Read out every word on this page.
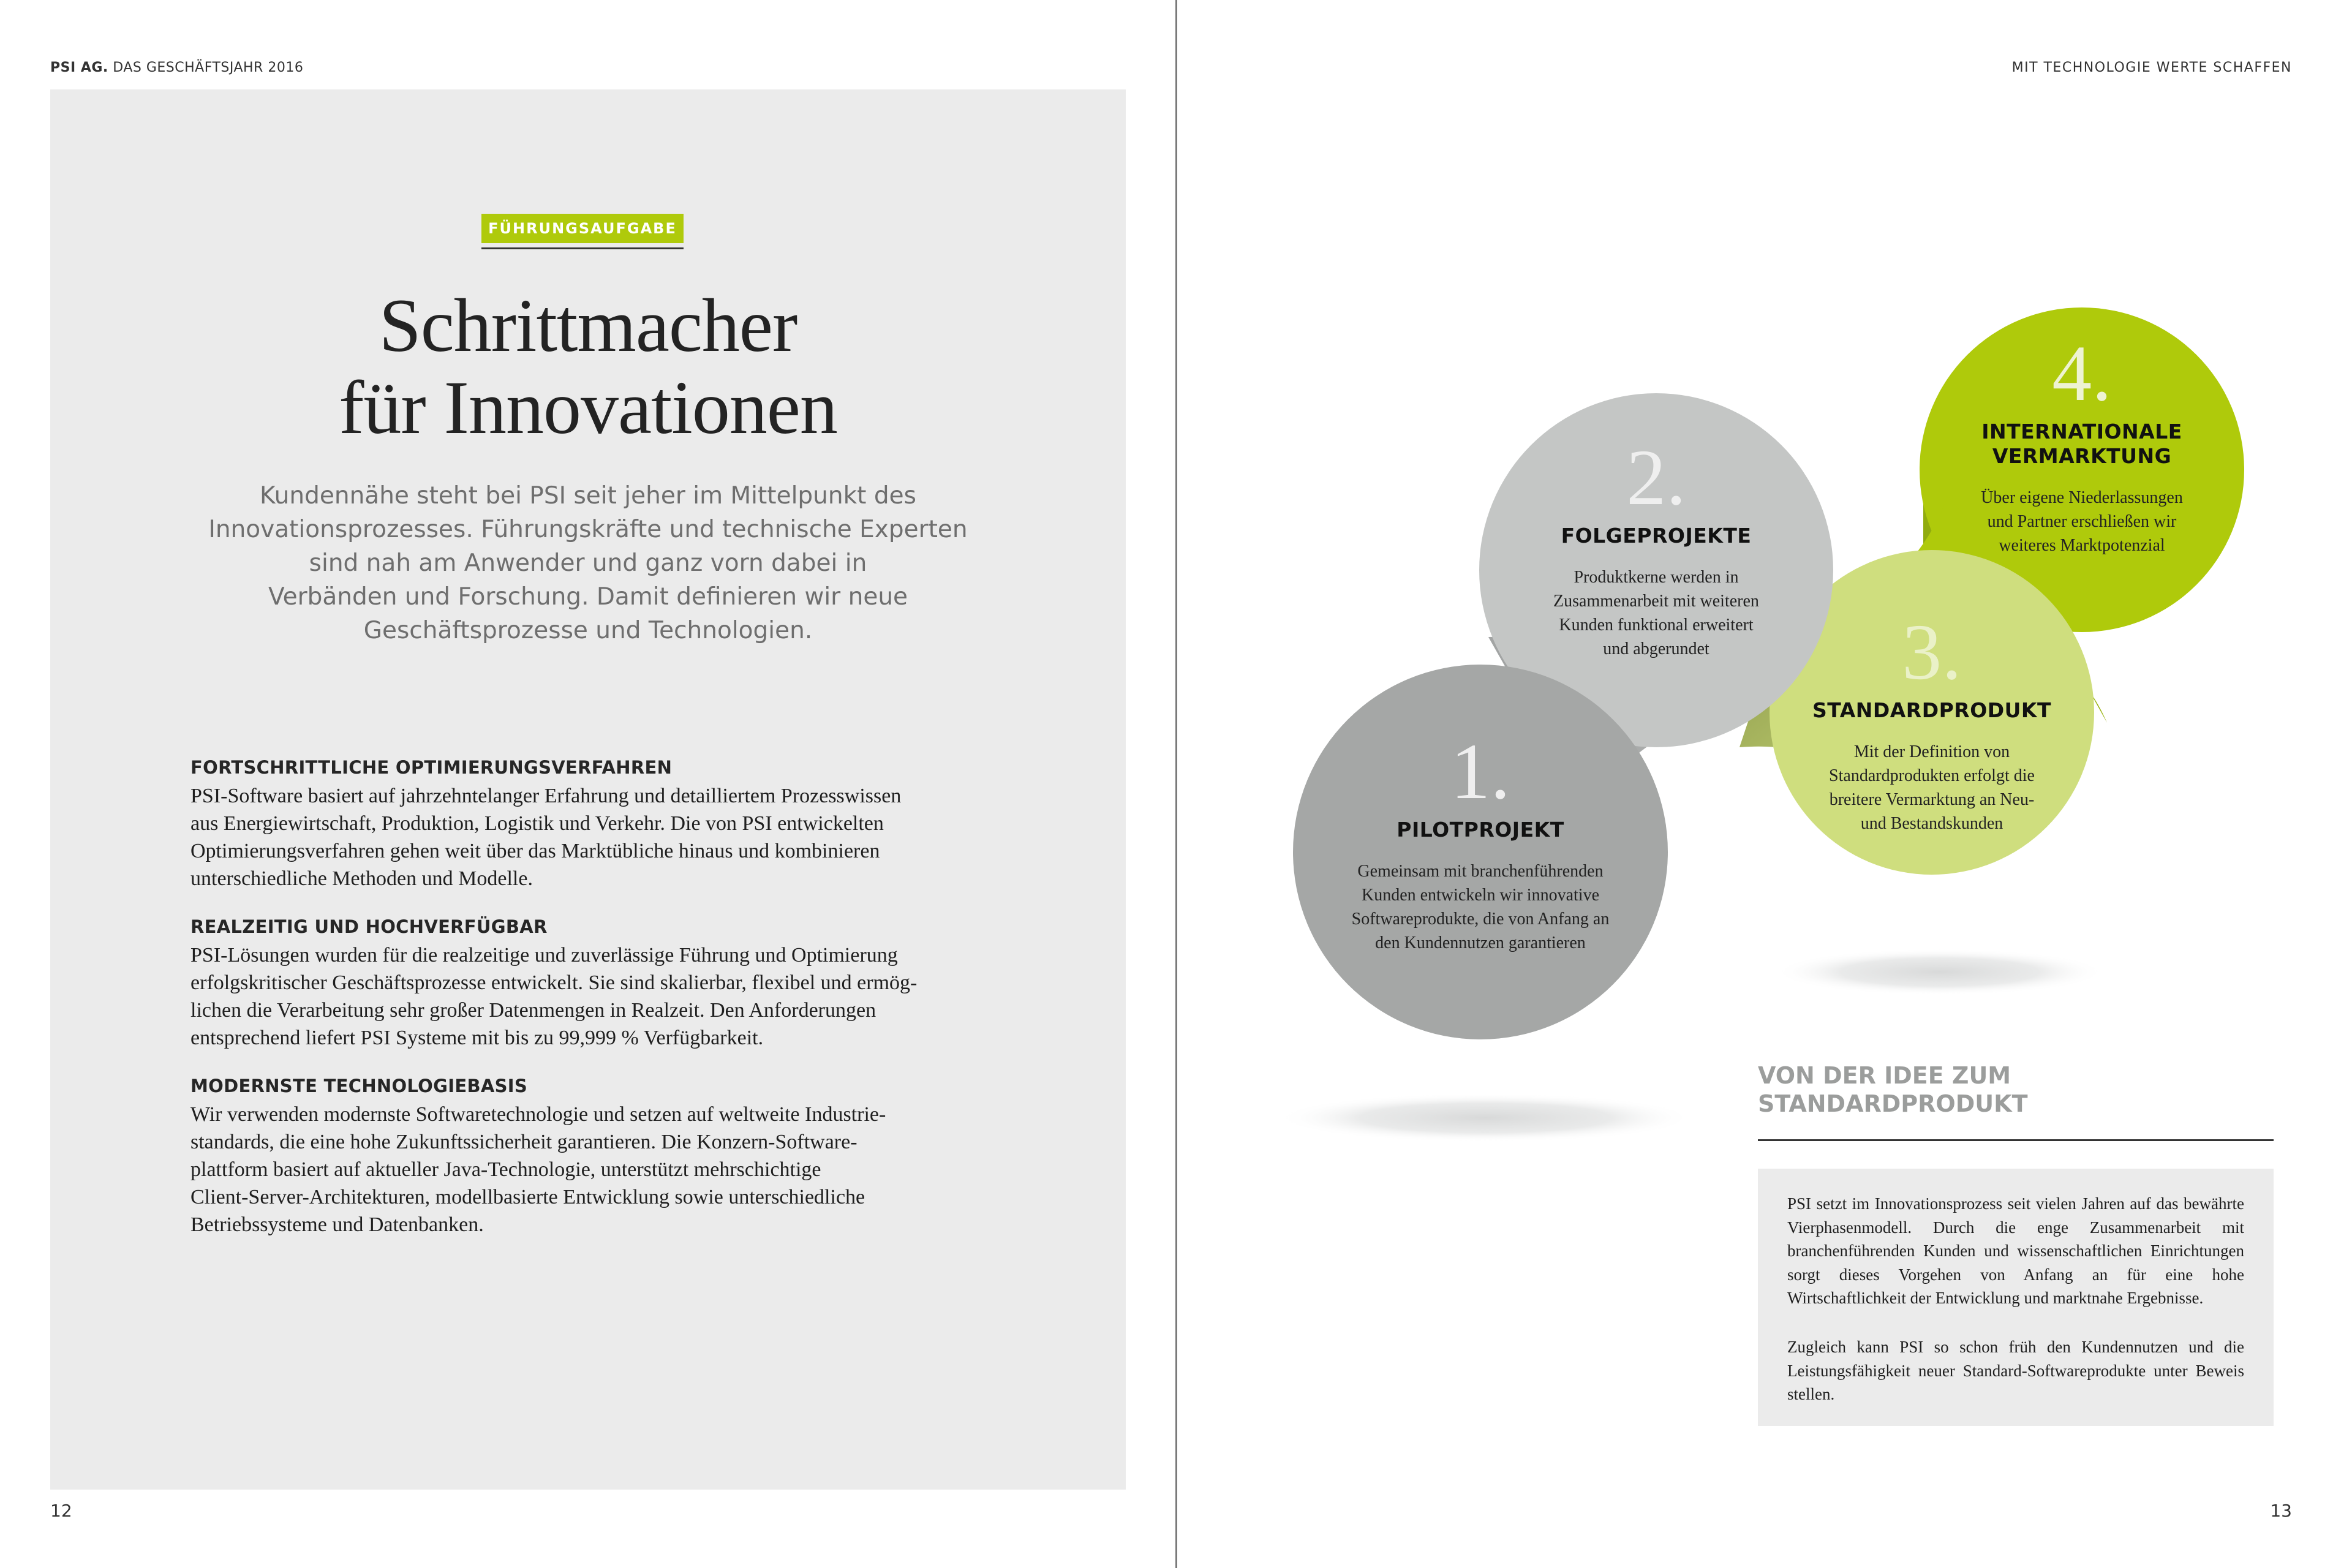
PSI AG. DAS GESCHÄFTSJAHR 2016	MIT TECHNOLOGIE WERTE SCHAFFEN
FÜHRUNGSAUFGABE
Schrittmacher
für Innovationen
Kundennähe steht bei PSI seit jeher im Mittelpunkt des
Innovationsprozesses. Führungskräfte und technische Experten
sind nah am Anwender und ganz vorn dabei in
Verbänden und Forschung. Damit definieren wir neue
Geschäftsprozesse und Technologien.
FORTSCHRITTLICHE OPTIMIERUNGSVERFAHREN
PSI-Software basiert auf jahrzehntelanger Erfahrung und detailliertem Prozesswissen
aus Energiewirtschaft, Produktion, Logistik und Verkehr. Die von PSI entwickelten
Optimierungsverfahren gehen weit über das Marktübliche hinaus und kombinieren
unterschiedliche Methoden und Modelle.
REALZEITIG UND HOCHVERFÜGBAR
PSI-Lösungen wurden für die realzeitige und zuverlässige Führung und Optimierung
erfolgskritischer Geschäftsprozesse entwickelt. Sie sind skalierbar, flexibel und ermög-
lichen die Verarbeitung sehr großer Datenmengen in Realzeit. Den Anforderungen
entsprechend liefert PSI Systeme mit bis zu 99,999 % Verfügbarkeit.
MODERNSTE TECHNOLOGIEBASIS
Wir verwenden modernste Softwaretechnologie und setzen auf weltweite Industrie-
standards, die eine hohe Zukunftssicherheit garantieren. Die Konzern-Software-
plattform basiert auf aktueller Java-Technologie, unterstützt mehrschichtige
Client-Server-Architekturen, modellbasierte Entwicklung sowie unterschiedliche
Betriebssysteme und Datenbanken.
12	13
1.
PILOTPROJEKT
Gemeinsam mit branchenführenden
Kunden entwickeln wir innovative
Softwareprodukte, die von Anfang an
den Kundennutzen garantieren
2.
FOLGEPROJEKTE
Produktkerne werden in
Zusammenarbeit mit weiteren
Kunden funktional erweitert
und abgerundet	3.
STANDARDPRODUKT
Mit der Definition von
Standardprodukten erfolgt die
breitere Vermarktung an Neu-
und Bestandskunden
4.
INTERNATIONALE
VERMARKTUNG
Über eigene Niederlassungen
und Partner erschließen wir
weiteres Marktpotenzial
VON DER IDEE ZUM
STANDARDPRODUKT

PSI setzt im Innovationsprozess seit vielen Jahren auf das bewährte Vierphasenmodell. Durch die enge Zusammenarbeit mit branchenführenden Kunden und wissenschaftlichen Einrichtungen sorgt dieses Vorgehen von Anfang an für eine hohe Wirtschaftlichkeit der Entwicklung und marktnahe Ergebnisse.

Zugleich kann PSI so schon früh den Kundennutzen und die Leistungsfähigkeit neuer Standard-Softwareprodukte unter Beweis stellen.
